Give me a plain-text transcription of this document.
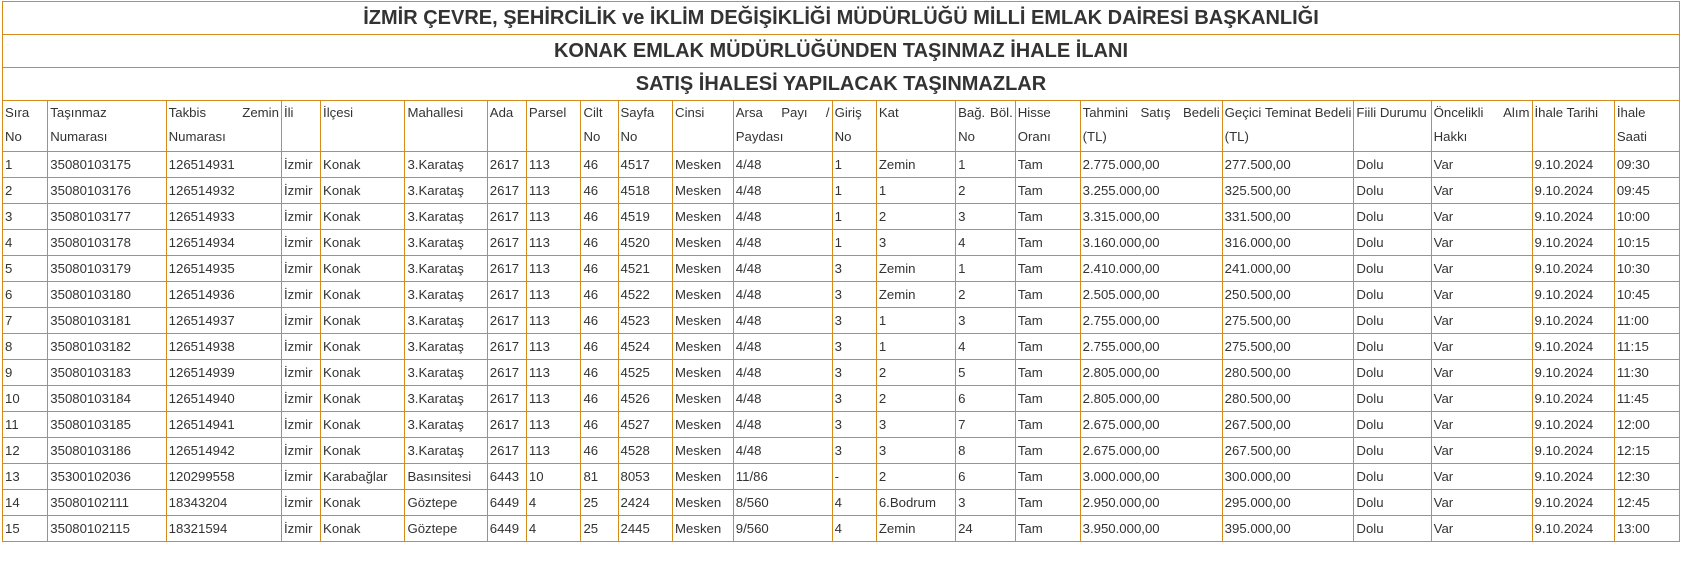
İZMİR ÇEVRE, ŞEHİRCİLİK ve İKLİM DEĞİŞİKLİĞİ MÜDÜRLÜĞÜ MİLLİ EMLAK DAİRESİ BAŞKANLIĞI																					
KONAK EMLAK MÜDÜRLÜĞÜNDEN TAŞINMAZ İHALE İLANI																					
SATIŞ İHALESİ YAPILACAK TAŞINMAZLAR																					
Sıra No	Taşınmaz Numarası	Takbis Zemin Numarası	İli	İlçesi	Mahallesi	Ada	Parsel	Cilt No	Sayfa No	Cinsi	Arsa Payı / Paydası	Giriş No	Kat	Bağ. Böl. No	Hisse Oranı	Tahmini Satış Bedeli (TL)	Geçici Teminat Bedeli (TL)	Fiili Durumu	Öncelikli Alım Hakkı	İhale Tarihi	İhale Saati
1	35080103175	126514931	İzmir	Konak	3.Karataş	2617	113	46	4517	Mesken	4/48	1	Zemin	1	Tam	2.775.000,00	277.500,00	Dolu	Var	9.10.2024	09:30
2	35080103176	126514932	İzmir	Konak	3.Karataş	2617	113	46	4518	Mesken	4/48	1	1	2	Tam	3.255.000,00	325.500,00	Dolu	Var	9.10.2024	09:45
3	35080103177	126514933	İzmir	Konak	3.Karataş	2617	113	46	4519	Mesken	4/48	1	2	3	Tam	3.315.000,00	331.500,00	Dolu	Var	9.10.2024	10:00
4	35080103178	126514934	İzmir	Konak	3.Karataş	2617	113	46	4520	Mesken	4/48	1	3	4	Tam	3.160.000,00	316.000,00	Dolu	Var	9.10.2024	10:15
5	35080103179	126514935	İzmir	Konak	3.Karataş	2617	113	46	4521	Mesken	4/48	3	Zemin	1	Tam	2.410.000,00	241.000,00	Dolu	Var	9.10.2024	10:30
6	35080103180	126514936	İzmir	Konak	3.Karataş	2617	113	46	4522	Mesken	4/48	3	Zemin	2	Tam	2.505.000,00	250.500,00	Dolu	Var	9.10.2024	10:45
7	35080103181	126514937	İzmir	Konak	3.Karataş	2617	113	46	4523	Mesken	4/48	3	1	3	Tam	2.755.000,00	275.500,00	Dolu	Var	9.10.2024	11:00
8	35080103182	126514938	İzmir	Konak	3.Karataş	2617	113	46	4524	Mesken	4/48	3	1	4	Tam	2.755.000,00	275.500,00	Dolu	Var	9.10.2024	11:15
9	35080103183	126514939	İzmir	Konak	3.Karataş	2617	113	46	4525	Mesken	4/48	3	2	5	Tam	2.805.000,00	280.500,00	Dolu	Var	9.10.2024	11:30
10	35080103184	126514940	İzmir	Konak	3.Karataş	2617	113	46	4526	Mesken	4/48	3	2	6	Tam	2.805.000,00	280.500,00	Dolu	Var	9.10.2024	11:45
11	35080103185	126514941	İzmir	Konak	3.Karataş	2617	113	46	4527	Mesken	4/48	3	3	7	Tam	2.675.000,00	267.500,00	Dolu	Var	9.10.2024	12:00
12	35080103186	126514942	İzmir	Konak	3.Karataş	2617	113	46	4528	Mesken	4/48	3	3	8	Tam	2.675.000,00	267.500,00	Dolu	Var	9.10.2024	12:15
13	35300102036	120299558	İzmir	Karabağlar	Basınsitesi	6443	10	81	8053	Mesken	11/86	-	2	6	Tam	3.000.000,00	300.000,00	Dolu	Var	9.10.2024	12:30
14	35080102111	18343204	İzmir	Konak	Göztepe	6449	4	25	2424	Mesken	8/560	4	6.Bodrum	3	Tam	2.950.000,00	295.000,00	Dolu	Var	9.10.2024	12:45
15	35080102115	18321594	İzmir	Konak	Göztepe	6449	4	25	2445	Mesken	9/560	4	Zemin	24	Tam	3.950.000,00	395.000,00	Dolu	Var	9.10.2024	13:00
